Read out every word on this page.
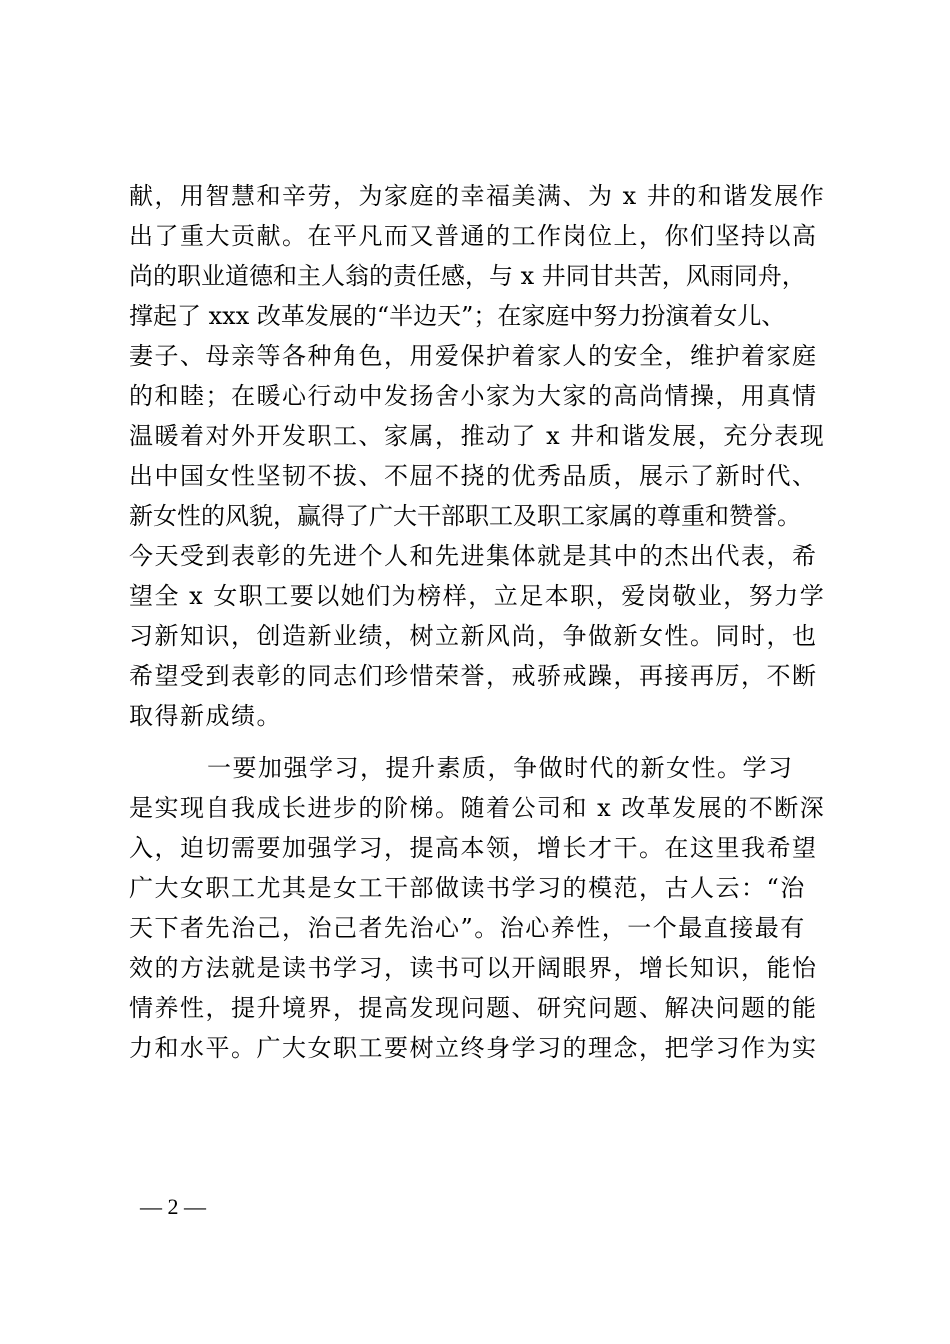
献，用智慧和辛劳，为家庭的幸福美满、为 x 井的和谐发展作
出了重大贡献。在平凡而又普通的工作岗位上，你们坚持以高
尚的职业道德和主人翁的责任感，与 x 井同甘共苦，风雨同舟，
撑起了 xxx 改革发展的“半边天”；在家庭中努力扮演着女儿、
妻子、母亲等各种角色，用爱保护着家人的安全，维护着家庭
的和睦；在暖心行动中发扬舍小家为大家的高尚情操，用真情
温暖着对外开发职工、家属，推动了 x 井和谐发展，充分表现
出中国女性坚韧不拔、不屈不挠的优秀品质，展示了新时代、
新女性的风貌，赢得了广大干部职工及职工家属的尊重和赞誉。
今天受到表彰的先进个人和先进集体就是其中的杰出代表，希
望全 x 女职工要以她们为榜样，立足本职，爱岗敬业，努力学
习新知识，创造新业绩，树立新风尚，争做新女性。同时，也
希望受到表彰的同志们珍惜荣誉，戒骄戒躁，再接再厉，不断
取得新成绩。
一要加强学习，提升素质，争做时代的新女性。学习
是实现自我成长进步的阶梯。随着公司和 x 改革发展的不断深
入，迫切需要加强学习，提高本领，增长才干。在这里我希望
广大女职工尤其是女工干部做读书学习的模范，古人云：“治
天下者先治己，治己者先治心”。治心养性，一个最直接最有
效的方法就是读书学习，读书可以开阔眼界，增长知识，能怡
情养性，提升境界，提高发现问题、研究问题、解决问题的能
力和水平。广大女职工要树立终身学习的理念，把学习作为实
— 2 —
